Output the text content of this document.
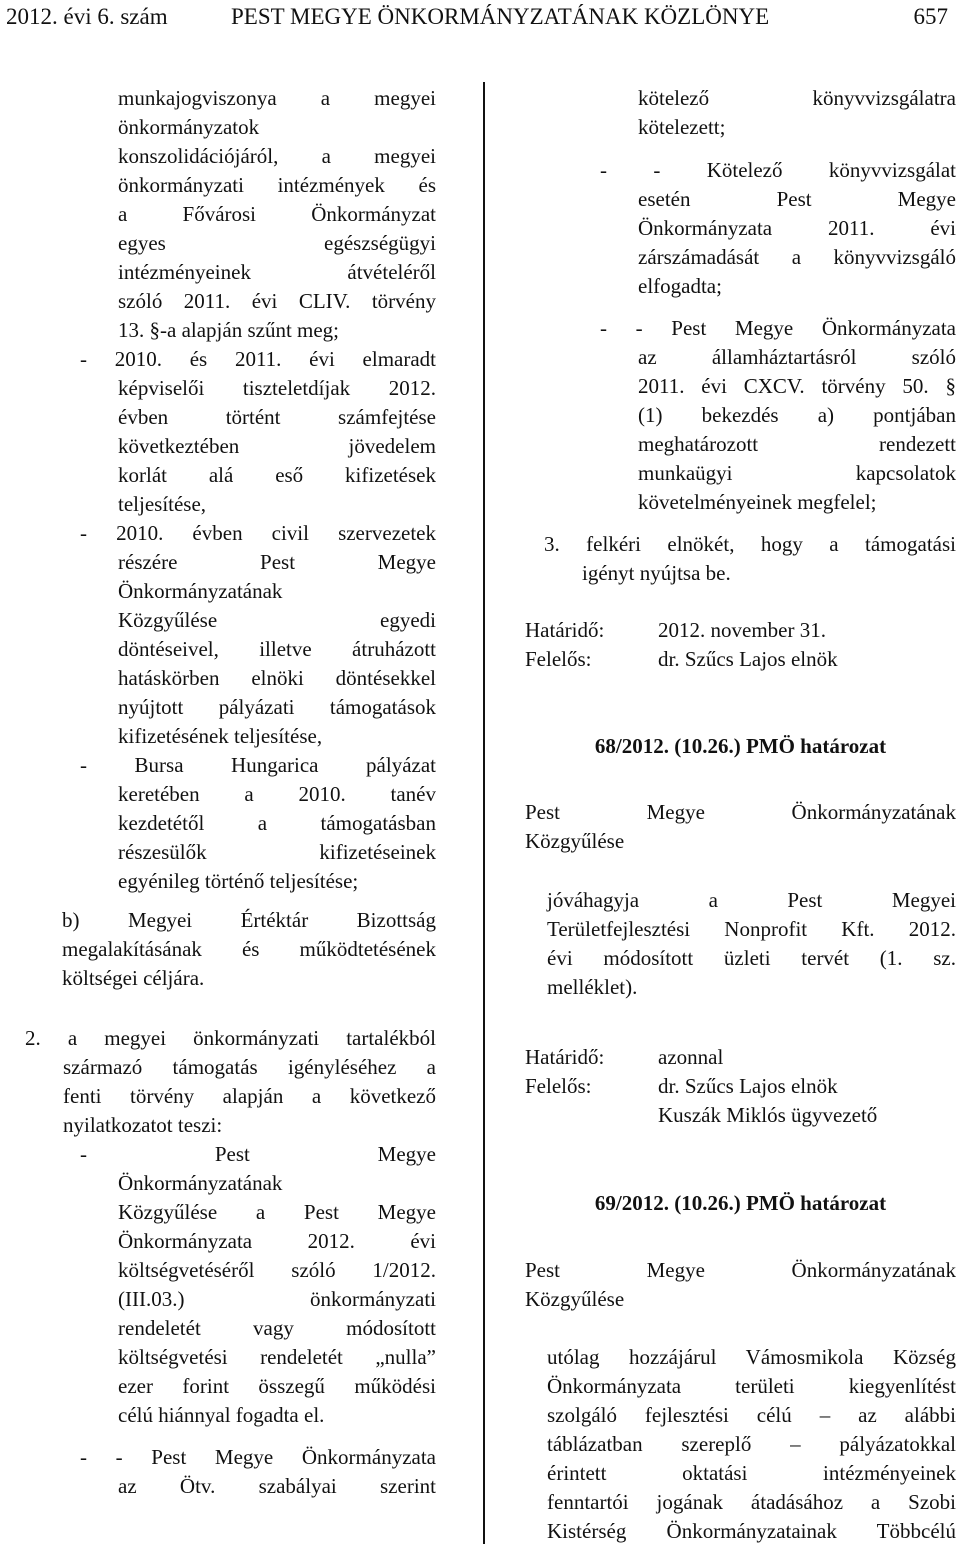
2012. évi 6. szám	PEST MEGYE ÖNKORMÁNYZATÁNAK KÖZLÖNYE	657

munkajogviszonya a megyei

önkormányzatok

konszolidációjáról, a megyei

önkormányzati intézmények és

a Fővárosi Önkormányzat

egyes egészségügyi

intézményeinek átvételéről

szóló 2011. évi CLIV. törvény

13. §-a alapján szűnt meg;

- 2010. és 2011. évi elmaradt

képviselői tiszteletdíjak 2012.

évben történt számfejtése

következtében jövedelem

korlát alá eső kifizetések

teljesítése,

- 2010. évben civil szervezetek

részére Pest Megye

Önkormányzatának

Közgyűlése egyedi

döntéseivel, illetve átruházott

hatáskörben elnöki döntésekkel

nyújtott pályázati támogatások

kifizetésének teljesítése,

- Bursa Hungarica pályázat

keretében a 2010. tanév

kezdetétől a támogatásban

részesülők kifizetéseinek

egyénileg történő teljesítése;

b) Megyei Értéktár Bizottság

megalakításának és működtetésének

költségei céljára.

2. a megyei önkormányzati tartalékból

származó támogatás igényléséhez a

fenti törvény alapján a következő

nyilatkozatot teszi:

- Pest Megye

Önkormányzatának

Közgyűlése a Pest Megye

Önkormányzata 2012. évi

költségvetéséről szóló 1/2012.

(III.03.) önkormányzati

rendeletét vagy módosított

költségvetési rendeletét „nulla”

ezer forint összegű működési

célú hiánnyal fogadta el.

- - Pest Megye Önkormányzata

az Ötv. szabályai szerint

kötelező könyvvizsgálatra

kötelezett;

- - Kötelező könyvvizsgálat

esetén Pest Megye

Önkormányzata 2011. évi

zárszámadását a könyvvizsgáló

elfogadta;

- - Pest Megye Önkormányzata

az államháztartásról szóló

2011. évi CXCV. törvény 50. §

(1) bekezdés a) pontjában

meghatározott rendezett

munkaügyi kapcsolatok

követelményeinek megfelel;

3. felkéri elnökét, hogy a támogatási

igényt nyújtsa be.

Határidő:	2012. november 31.

Felelős:	dr. Szűcs Lajos elnök

68/2012. (10.26.) PMÖ határozat

Pest Megye Önkormányzatának

Közgyűlése

jóváhagyja a Pest Megyei

Területfejlesztési Nonprofit Kft. 2012.

évi módosított üzleti tervét (1. sz.

melléklet).

Határidő:	azonnal

Felelős:	dr. Szűcs Lajos elnök

Kuszák Miklós ügyvezető

69/2012. (10.26.) PMÖ határozat

Pest Megye Önkormányzatának

Közgyűlése

utólag hozzájárul Vámosmikola Község

Önkormányzata területi kiegyenlítést

szolgáló fejlesztési célú – az alábbi

táblázatban szereplő – pályázatokkal

érintett oktatási intézményeinek

fenntartói jogának átadásához a Szobi

Kistérség Önkormányzatainak Többcélú
